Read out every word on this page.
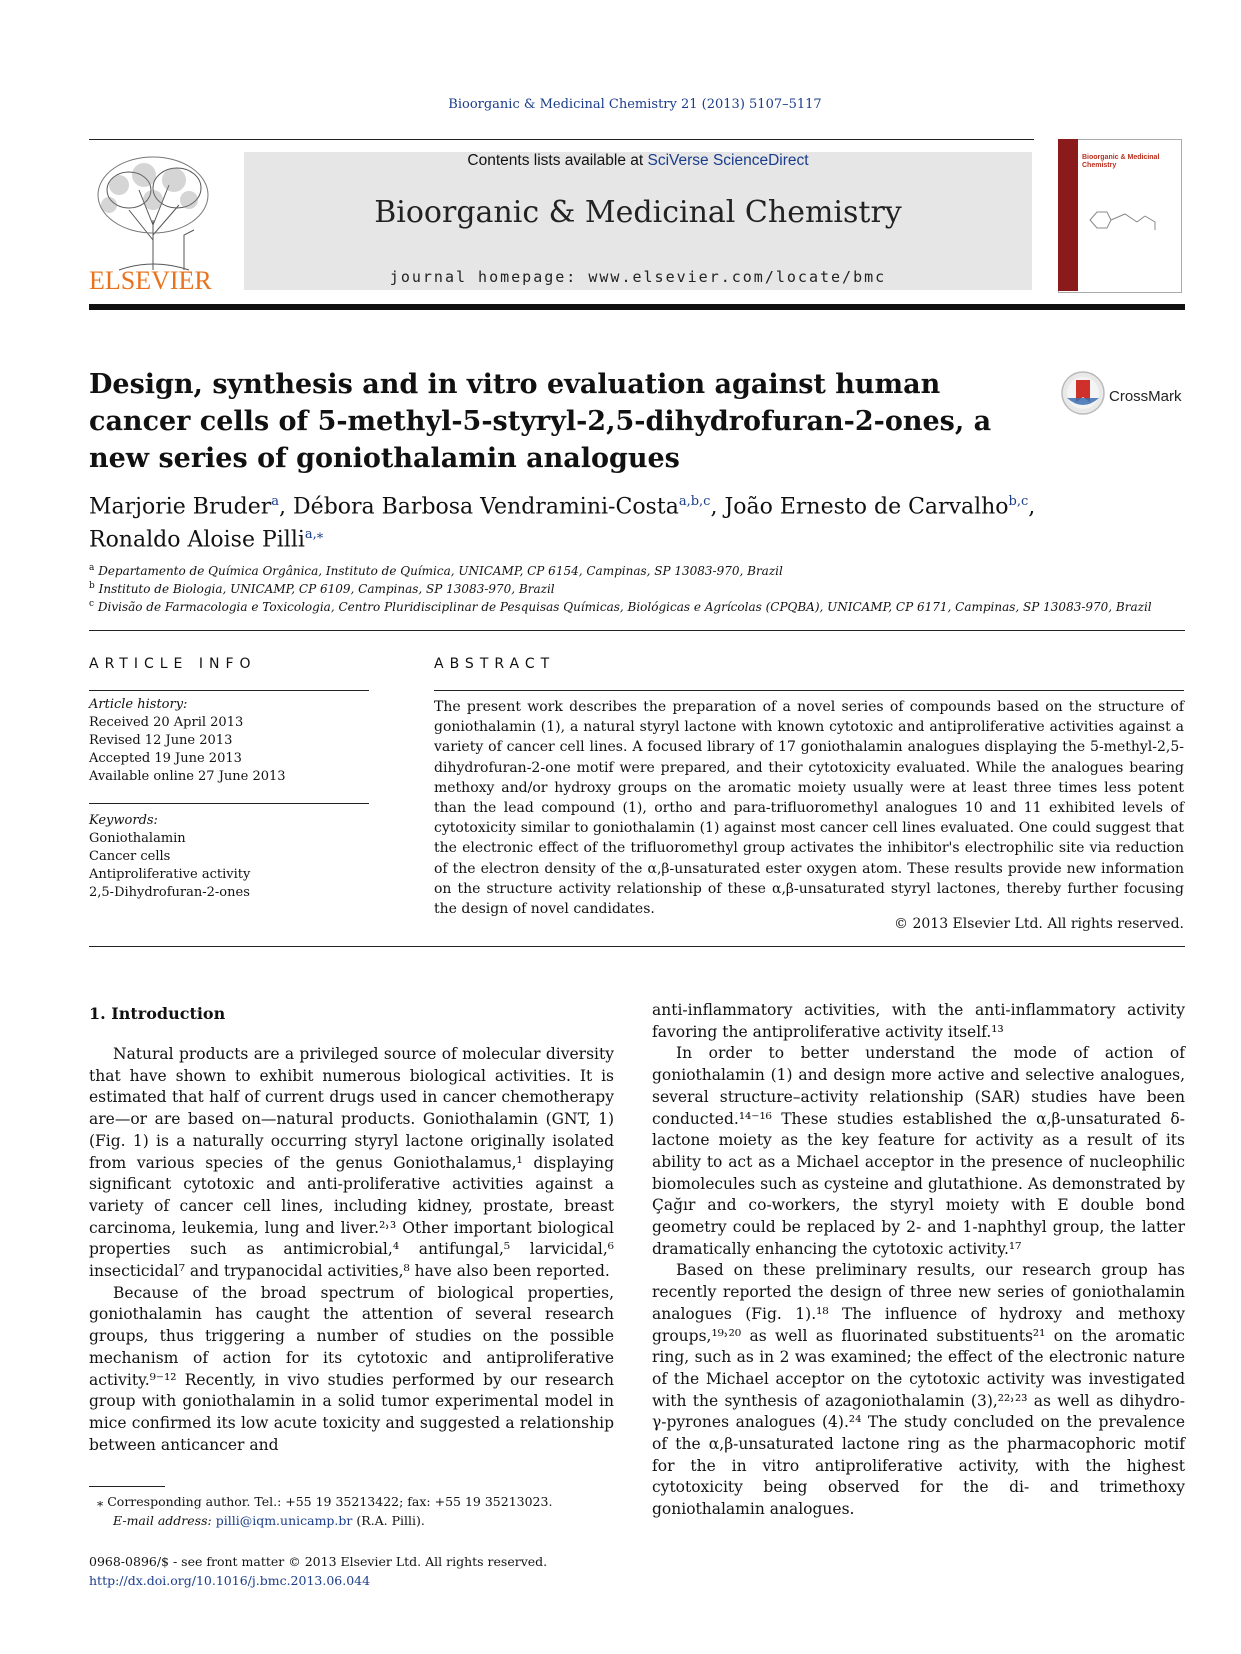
Bioorganic & Medicinal Chemistry 21 (2013) 5107–5117
ELSEVIER
Contents lists available at SciVerse ScienceDirect
Bioorganic & Medicinal Chemistry
journal homepage: www.elsevier.com/locate/bmc
Bioorganic & Medicinal Chemistry
Design, synthesis and in vitro evaluation against human cancer cells of 5-methyl-5-styryl-2,5-dihydrofuran-2-ones, a new series of goniothalamin analogues
CrossMark
Marjorie Bruder$^a$, Débora Barbosa Vendramini-Costa$^{a,b,c}$, João Ernesto de Carvalho$^{b,c}$,
Ronaldo Aloise Pilli$^{a,⁎}$
$^a$ Departamento de Química Orgânica, Instituto de Química, UNICAMP, CP 6154, Campinas, SP 13083-970, Brazil
$^b$ Instituto de Biologia, UNICAMP, CP 6109, Campinas, SP 13083-970, Brazil
$^c$ Divisão de Farmacologia e Toxicologia, Centro Pluridisciplinar de Pesquisas Químicas, Biológicas e Agrícolas (CPQBA), UNICAMP, CP 6171, Campinas, SP 13083-970, Brazil
ARTICLE INFO
Article history:
Received 20 April 2013
Revised 12 June 2013
Accepted 19 June 2013
Available online 27 June 2013
Keywords:
Goniothalamin
Cancer cells
Antiproliferative activity
2,5-Dihydrofuran-2-ones
ABSTRACT
The present work describes the preparation of a novel series of compounds based on the structure of goniothalamin (1), a natural styryl lactone with known cytotoxic and antiproliferative activities against a variety of cancer cell lines. A focused library of 17 goniothalamin analogues displaying the 5-methyl-2,5-dihydrofuran-2-one motif were prepared, and their cytotoxicity evaluated. While the analogues bearing methoxy and/or hydroxy groups on the aromatic moiety usually were at least three times less potent than the lead compound (1), ortho and para-trifluoromethyl analogues 10 and 11 exhibited levels of cytotoxicity similar to goniothalamin (1) against most cancer cell lines evaluated. One could suggest that the electronic effect of the trifluoromethyl group activates the inhibitor's electrophilic site via reduction of the electron density of the α,β-unsaturated ester oxygen atom. These results provide new information on the structure activity relationship of these α,β-unsaturated styryl lactones, thereby further focusing the design of novel candidates.
© 2013 Elsevier Ltd. All rights reserved.
1. Introduction

Natural products are a privileged source of molecular diversity that have shown to exhibit numerous biological activities. It is estimated that half of current drugs used in cancer chemotherapy are—or are based on—natural products. Goniothalamin (GNT, 1) (Fig. 1) is a naturally occurring styryl lactone originally isolated from various species of the genus Goniothalamus,¹ displaying significant cytotoxic and anti-proliferative activities against a variety of cancer cell lines, including kidney, prostate, breast carcinoma, leukemia, lung and liver.²˒³ Other important biological properties such as antimicrobial,⁴ antifungal,⁵ larvicidal,⁶ insecticidal⁷ and trypanocidal activities,⁸ have also been reported.

Because of the broad spectrum of biological properties, goniothalamin has caught the attention of several research groups, thus triggering a number of studies on the possible mechanism of action for its cytotoxic and antiproliferative activity.⁹⁻¹² Recently, in vivo studies performed by our research group with goniothalamin in a solid tumor experimental model in mice confirmed its low acute toxicity and suggested a relationship between anticancer and

anti-inflammatory activities, with the anti-inflammatory activity favoring the antiproliferative activity itself.¹³

In order to better understand the mode of action of goniothalamin (1) and design more active and selective analogues, several structure–activity relationship (SAR) studies have been conducted.¹⁴⁻¹⁶ These studies established the α,β-unsaturated δ-lactone moiety as the key feature for activity as a result of its ability to act as a Michael acceptor in the presence of nucleophilic biomolecules such as cysteine and glutathione. As demonstrated by Çağır and co-workers, the styryl moiety with E double bond geometry could be replaced by 2- and 1-naphthyl group, the latter dramatically enhancing the cytotoxic activity.¹⁷

Based on these preliminary results, our research group has recently reported the design of three new series of goniothalamin analogues (Fig. 1).¹⁸ The influence of hydroxy and methoxy groups,¹⁹˒²⁰ as well as fluorinated substituents²¹ on the aromatic ring, such as in 2 was examined; the effect of the electronic nature of the Michael acceptor on the cytotoxic activity was investigated with the synthesis of azagoniothalamin (3),²²˒²³ as well as dihydro-γ-pyrones analogues (4).²⁴ The study concluded on the prevalence of the α,β-unsaturated lactone ring as the pharmacophoric motif for the in vitro antiproliferative activity, with the highest cytotoxicity being observed for the di- and trimethoxy goniothalamin analogues.

⁎ Corresponding author. Tel.: +55 19 35213422; fax: +55 19 35213023.
E-mail address: pilli@iqm.unicamp.br (R.A. Pilli).
0968-0896/$ - see front matter © 2013 Elsevier Ltd. All rights reserved.
http://dx.doi.org/10.1016/j.bmc.2013.06.044
